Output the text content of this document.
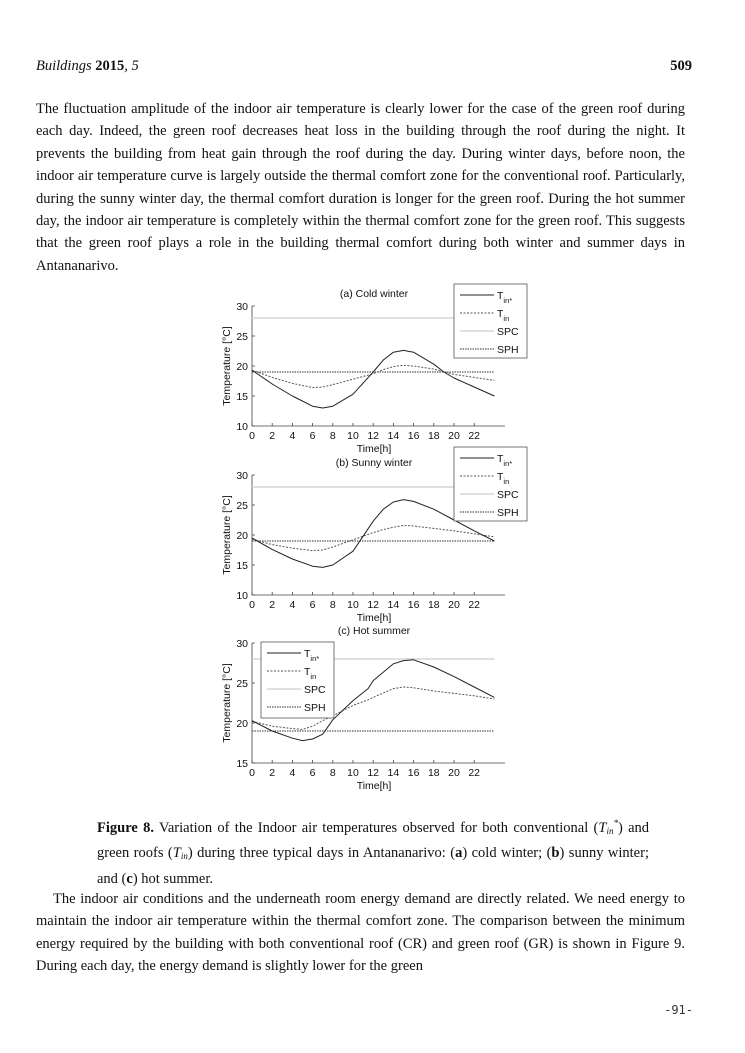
Buildings 2015, 5	509

The fluctuation amplitude of the indoor air temperature is clearly lower for the case of the green roof during each day. Indeed, the green roof decreases heat loss in the building through the roof during the night. It prevents the building from heat gain through the roof during the day. During winter days, before noon, the indoor air temperature curve is largely outside the thermal comfort zone for the conventional roof. Particularly, during the sunny winter day, the thermal comfort duration is longer for the green roof. During the hot summer day, the indoor air temperature is completely within the thermal comfort zone for the green roof. This suggests that the green roof plays a role in the building thermal comfort during both winter and summer days in Antananarivo.

10
15
20
25
30
0 2 4 6 8 10 12 14 16 18 20 22
Time[h]
Temperature [°C]
(a) Cold winter	$T_{in*}$
$T_{in}$
SPC
SPH
10
15
20
25
30
0 2 4 6 8 10 12 14 16 18 20 22
Time[h]
Temperature [°C]
(b) Sunny winter	$T_{in*}$
$T_{in}$
SPC
SPH
15
20
25
30
0 2 4 6 8 10 12 14 16 18 20 22
Time[h]
Temperature [°C]
(c) Hot summer
$T_{in*}$
$T_{in}$
SPC
SPH

Figure 8. Variation of the Indoor air temperatures observed for both conventional $(T_{in}^*)$ and green roofs $(T_{in})$ during three typical days in Antananarivo: (a) cold winter; (b) sunny winter; and (c) hot summer.

The indoor air conditions and the underneath room energy demand are directly related. We need energy to maintain the indoor air temperature within the thermal comfort zone. The comparison between the minimum energy required by the building with both conventional roof (CR) and green roof (GR) is shown in Figure 9. During each day, the energy demand is slightly lower for the green

-91-
